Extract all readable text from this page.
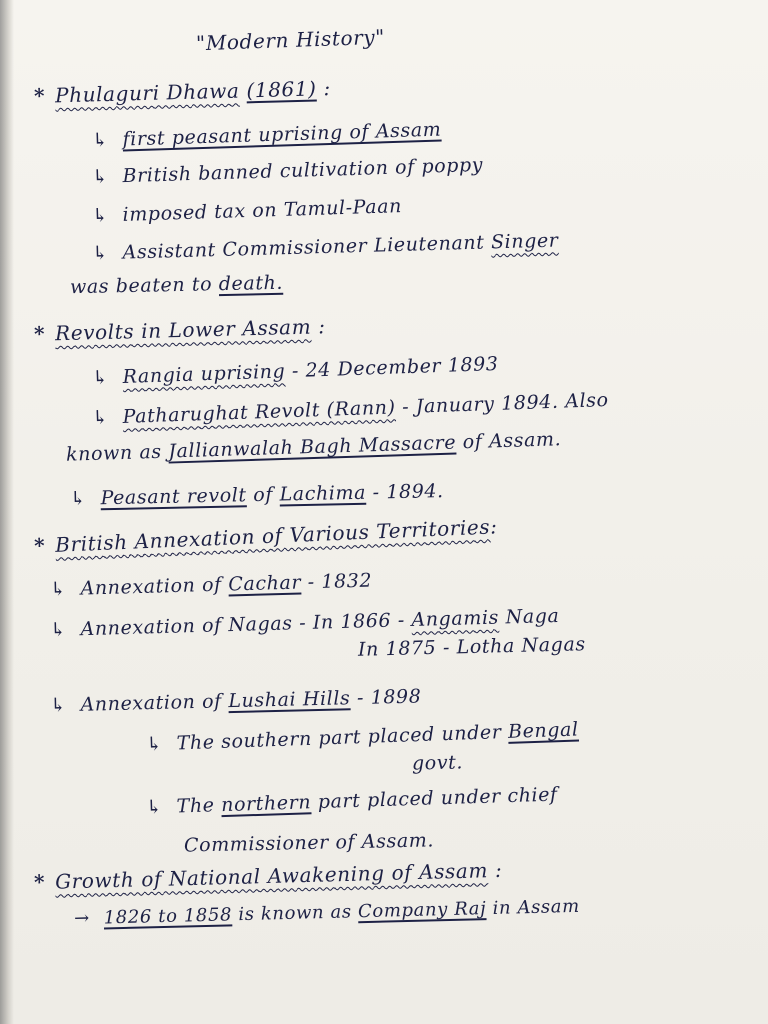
"Modern History"
* Phulaguri Dhawa (1861) :
↳ first peasant uprising of Assam
↳ British banned cultivation of poppy
↳ imposed tax on Tamul-Paan
↳ Assistant Commissioner Lieutenant Singer
was beaten to death.
* Revolts in Lower Assam :
↳ Rangia uprising - 24 December 1893
↳ Patharughat Revolt (Rann) - January 1894. Also
known as Jallianwalah Bagh Massacre of Assam.
↳ Peasant revolt of Lachima - 1894.
* British Annexation of Various Territories:
↳ Annexation of Cachar - 1832
↳ Annexation of Nagas - In 1866 - Angamis Naga
In 1875 - Lotha Nagas
↳ Annexation of Lushai Hills - 1898
↳ The southern part placed under Bengal
govt.
↳ The northern part placed under chief
Commissioner of Assam.
* Growth of National Awakening of Assam :
→ 1826 to 1858 is known as Company Raj in Assam
